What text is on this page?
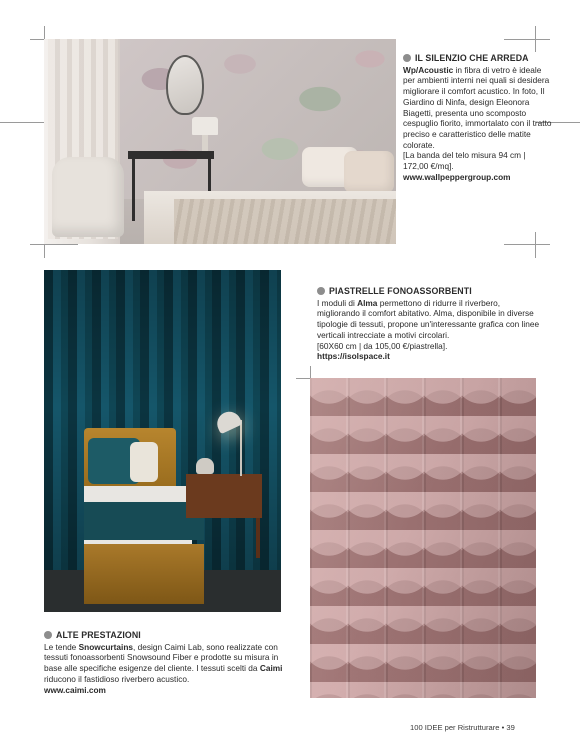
IL SILENZIO CHE ARREDA

Wp/Acoustic in fibra di vetro è ideale per ambienti interni nei quali si desidera migliorare il comfort acustico. In foto, Il Giardino di Ninfa, design Eleonora Biagetti, presenta uno scomposto cespuglio fiorito, immortalato con il tratto preciso e caratteristico delle matite colorate.

[La banda del telo misura 94 cm | 172,00 €/mq].

www.wallpeppergroup.com
PIASTRELLE FONOASSORBENTI

I moduli di Alma permettono di ridurre il riverbero, migliorando il comfort abitativo. Alma, disponibile in diverse tipologie di tessuti, propone un'interessante grafica con linee verticali intrecciate a motivi circolari.

[60X60 cm | da 105,00 €/piastrella].

https://isolspace.it
ALTE PRESTAZIONI

Le tende Snowcurtains, design Caimi Lab, sono realizzate con tessuti fonoassorbenti Snowsound Fiber e prodotte su misura in base alle specifiche esigenze del cliente. I tessuti scelti da Caimi riducono il fastidioso riverbero acustico.

www.caimi.com
100 IDEE per Ristrutturare • 39
